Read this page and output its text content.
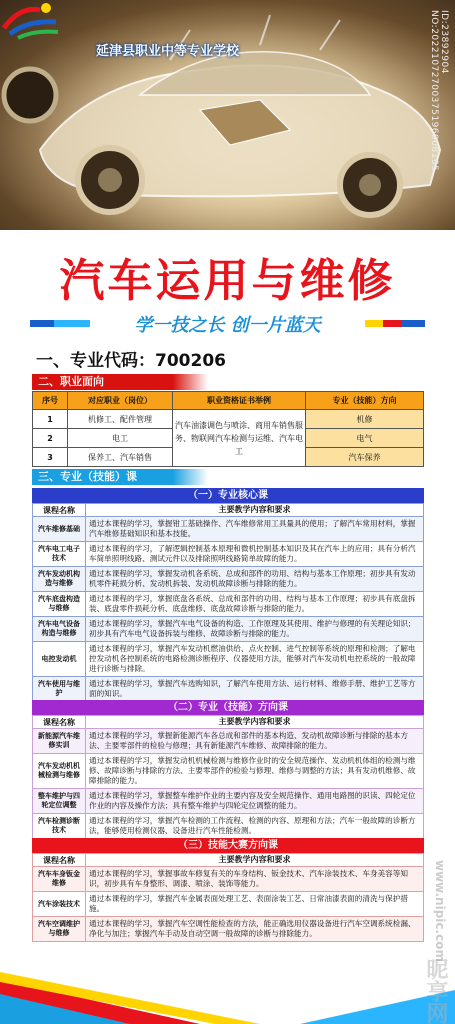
延津县职业中等专业学校	ID:23892904 NO:20221072700375196008105
汽车运用与维修
学一技之长 创一片蓝天
一、专业代码：700206
二、职业面向
序号	对应职业（岗位）	职业资格证书举例	专业（技能）方向
1	机修工、配件管理	汽车油漆调色与喷涂、商用车销售服务、物联网汽车检测与运维、汽车电工	机修
2	电工		电气
3	保养工、汽车销售		汽车保养
三、专业（技能）课
（一）专业核心课
课程名称	主要教学内容和要求
汽车维修基础	通过本课程的学习，掌握钳工基础操作、汽车维修常用工具量具的使用；了解汽车常用材料，掌握汽车维修基础知识和基本技能。
汽车电工电子技术	通过本课程的学习，了解逻辑控制基本原理和微机控制基本知识及其在汽车上的应用；具有分析汽车简单照明线路、测试元件以及排除照明线路简单故障的能力。
汽车发动机构造与维修	通过本课程的学习，掌握发动机各系统、总成和部件的功用、结构与基本工作原理；初步具有发动机零件耗损分析、发动机拆装、发动机故障诊断与排除的能力。
汽车底盘构造与维修	通过本课程的学习，掌握底盘各系统、总成和部件的功用、结构与基本工作原理；初步具有底盘拆装、底盘零件损耗分析、底盘维修、底盘故障诊断与排除的能力。
汽车电气设备构造与维修	通过本课程的学习，掌握汽车电气设备的构造、工作原理及其使用、维护与修理的有关理论知识；初步具有汽车电气设备拆装与维修、故障诊断与排除的能力。
电控发动机	通过本课程的学习，掌握汽车发动机燃油供给、点火控制、进气控制等系统的原理和检测；了解电控发动机各控制系统的电路检测诊断程序、仪器使用方法，能够对汽车发动机电控系统的一般故障进行诊断与排除。
汽车使用与维护	通过本课程的学习，掌握汽车选购知识，了解汽车使用方法、运行材料、维修手册、维护工艺等方面的知识。
（二）专业（技能）方向课
课程名称	主要教学内容和要求
新能源汽车维修实训	通过本课程的学习，掌握新能源汽车各总成和部件的基本构造、发动机故障诊断与排除的基本方法、主要零部件的检验与修理；具有新能源汽车维修、故障排除的能力。
汽车发动机机械检测与维修	通过本课程的学习，掌握发动机机械检测与维修作业时的安全规范操作、发动机机体组的检测与维修、故障诊断与排除的方法、主要零部件的检验与修理、维修与调整的方法；具有发动机维修、故障排除的能力。
整车维护与四轮定位调整	通过本课程的学习，掌握整车维护作业的主要内容及安全规范操作、通用电路图的识读、四轮定位作业的内容及操作方法；具有整车维护与四轮定位调整的能力。
汽车检测诊断技术	通过本课程的学习，掌握汽车检测的工作流程、检测的内容、原理和方法；汽车一般故障的诊断方法，能够使用检测仪器、设备进行汽车性能检测。
（三）技能大赛方向课
课程名称	主要教学内容和要求
汽车车身钣金维修	通过本课程的学习，掌握事故车修复有关的车身结构、钣金技术、汽车涂装技术、车身美容等知识，初步具有车身整形、调漆、喷涂、装饰等能力。
汽车涂装技术	通过本课程的学习，掌握汽车金属表面处理工艺、表面涂装工艺、日常油漆表面的清洗与保护措施。
汽车空调维护与维修	通过本课程的学习，掌握汽车空调性能检查的方法，能正确选用仪器设备进行汽车空调系统检漏、净化与加注；掌握汽车手动及自动空调一般故障的诊断与排除能力。	www.nipic.com
昵享网
